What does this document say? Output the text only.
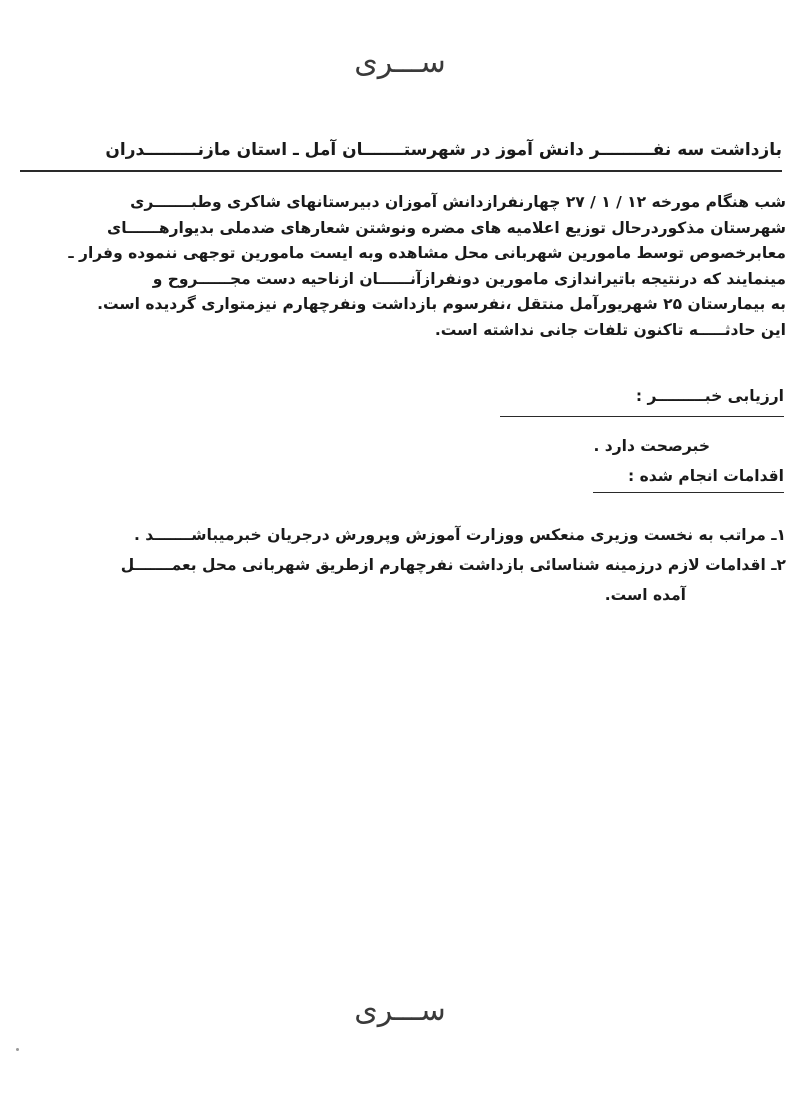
ســـری
بازداشت سه نفـــــــــر دانش آموز در شهرستـــــــان آمل ـ استان مازنـــــــــدران

شب هنگام مورخه ۱۲ / ۱ / ۲۷ چهارنفرازدانش آموزان دبیرستانهای شاکری وطبـــــــری

شهرستان مذکوردرحال توزیع اعلامیه های مضره ونوشتن شعارهای ضدملی بدیوارهــــــای

معابرخصوص توسط مامورین شهربانی محل مشاهده وبه ایست مامورین توجهی ننموده وفرار ـ

مینمایند که درنتیجه باتیراندازی مامورین دونفرازآنــــــان ازناحیه دست مجــــــروح و

به بیمارستان ۲۵ شهریورآمل منتقل ،نفرسوم بازداشت ونفرچهارم نیزمتواری گردیده است.

این حادثـــــه تاکنون تلفات جانی نداشته است.

ارزیابی خبـــــــــر :
خبرصحت دارد .
اقدامات انجام شده :

۱ـ مراتب به نخست وزیری منعکس ووزارت آموزش وپرورش درجریان خبرمیباشـــــــد .

۲ـ اقدامات لازم درزمینه شناسائی بازداشت نفرچهارم ازطریق شهربانی محل بعمـــــــل

آمده است.

ســـری
